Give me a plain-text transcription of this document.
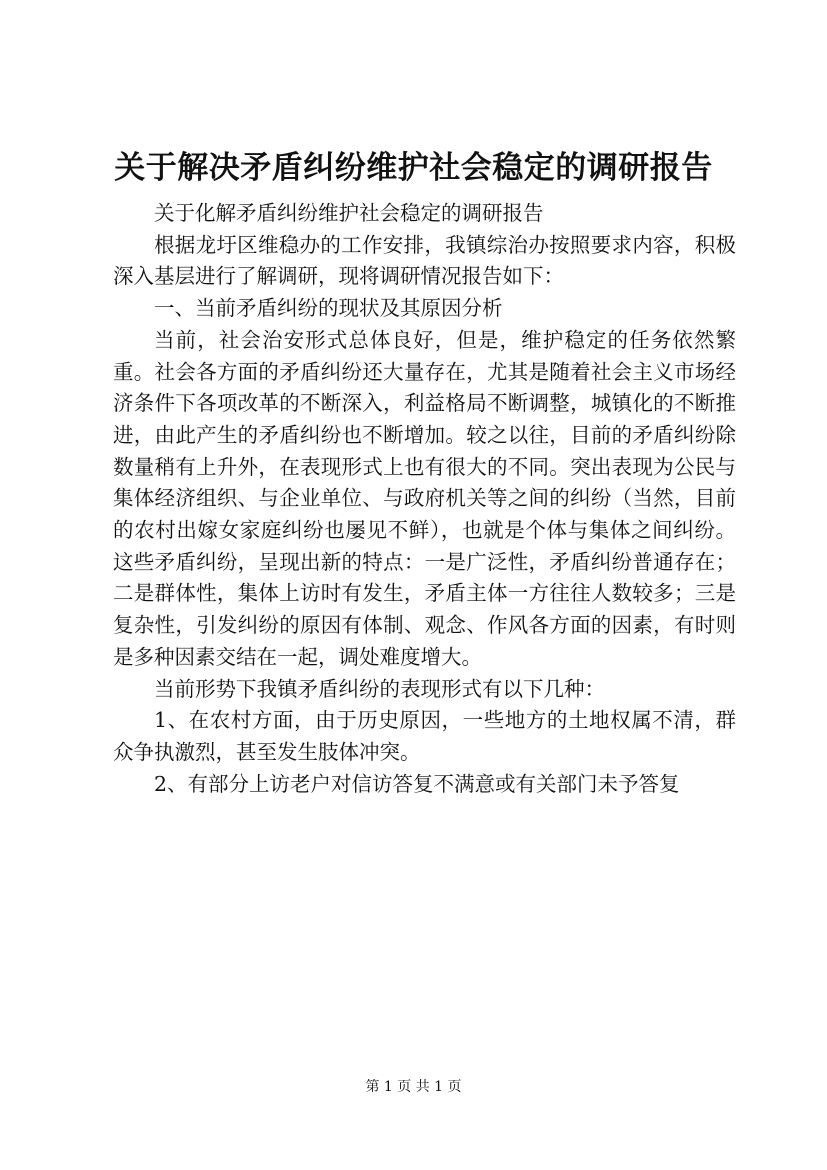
关于解决矛盾纠纷维护社会稳定的调研报告

关于化解矛盾纠纷维护社会稳定的调研报告

根据龙圩区维稳办的工作安排，我镇综治办按照要求内容，积极深入基层进行了解调研，现将调研情况报告如下：

一、当前矛盾纠纷的现状及其原因分析

当前，社会治安形式总体良好，但是，维护稳定的任务依然繁重。社会各方面的矛盾纠纷还大量存在，尤其是随着社会主义市场经济条件下各项改革的不断深入，利益格局不断调整，城镇化的不断推进，由此产生的矛盾纠纷也不断增加。较之以往，目前的矛盾纠纷除数量稍有上升外，在表现形式上也有很大的不同。突出表现为公民与集体经济组织、与企业单位、与政府机关等之间的纠纷（当然，目前的农村出嫁女家庭纠纷也屡见不鲜），也就是个体与集体之间纠纷。这些矛盾纠纷，呈现出新的特点：一是广泛性，矛盾纠纷普通存在；二是群体性，集体上访时有发生，矛盾主体一方往往人数较多；三是复杂性，引发纠纷的原因有体制、观念、作风各方面的因素，有时则是多种因素交结在一起，调处难度增大。

当前形势下我镇矛盾纠纷的表现形式有以下几种：

1、在农村方面，由于历史原因，一些地方的土地权属不清，群众争执激烈，甚至发生肢体冲突。

2、有部分上访老户对信访答复不满意或有关部门未予答复

第 1 页 共 1 页
